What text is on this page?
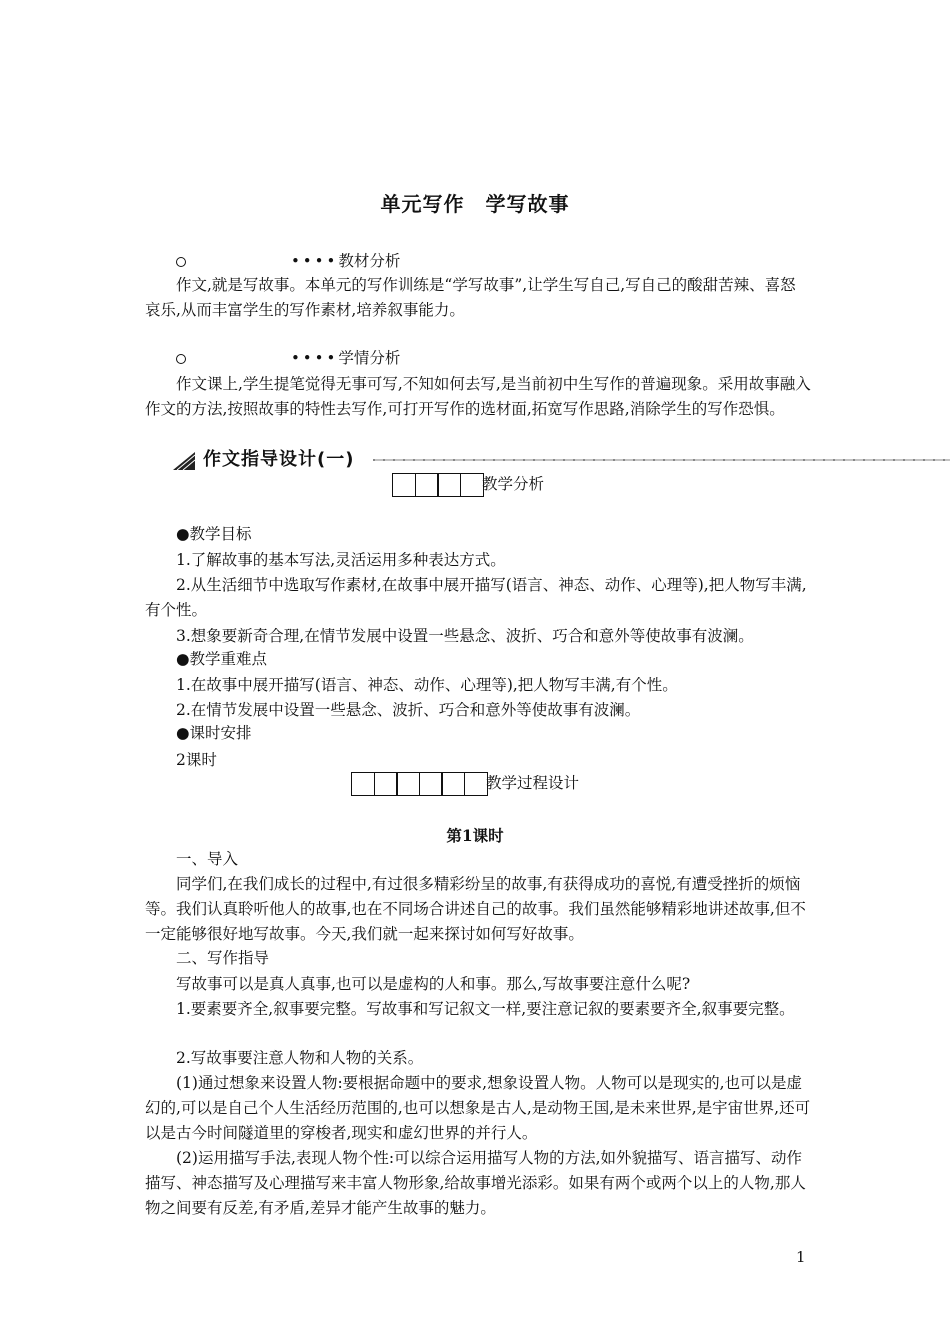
单元写作　学写故事
••••教材分析
作文,就是写故事。本单元的写作训练是“学写故事”,让学生写自己,写自己的酸甜苦辣、喜怒哀乐,从而丰富学生的写作素材,培养叙事能力。
••••学情分析
作文课上,学生提笔觉得无事可写,不知如何去写,是当前初中生写作的普遍现象。采用故事融入作文的方法,按照故事的特性去写作,可打开写作的选材面,拓宽写作思路,消除学生的写作恐惧。
作文指导设计(一)
教学分析
●教学目标
1.了解故事的基本写法,灵活运用多种表达方式。
2.从生活细节中选取写作素材,在故事中展开描写(语言、神态、动作、心理等),把人物写丰满,有个性。
3.想象要新奇合理,在情节发展中设置一些悬念、波折、巧合和意外等使故事有波澜。
●教学重难点
1.在故事中展开描写(语言、神态、动作、心理等),把人物写丰满,有个性。
2.在情节发展中设置一些悬念、波折、巧合和意外等使故事有波澜。
●课时安排
2课时
教学过程设计
第1课时
一、导入
同学们,在我们成长的过程中,有过很多精彩纷呈的故事,有获得成功的喜悦,有遭受挫折的烦恼等。我们认真聆听他人的故事,也在不同场合讲述自己的故事。我们虽然能够精彩地讲述故事,但不一定能够很好地写故事。今天,我们就一起来探讨如何写好故事。
二、写作指导
写故事可以是真人真事,也可以是虚构的人和事。那么,写故事要注意什么呢?
1.要素要齐全,叙事要完整。写故事和写记叙文一样,要注意记叙的要素要齐全,叙事要完整。
2.写故事要注意人物和人物的关系。
(1)通过想象来设置人物:要根据命题中的要求,想象设置人物。人物可以是现实的,也可以是虚幻的,可以是自己个人生活经历范围的,也可以想象是古人,是动物王国,是未来世界,是宇宙世界,还可以是古今时间隧道里的穿梭者,现实和虚幻世界的并行人。
(2)运用描写手法,表现人物个性:可以综合运用描写人物的方法,如外貌描写、语言描写、动作描写、神态描写及心理描写来丰富人物形象,给故事增光添彩。如果有两个或两个以上的人物,那人物之间要有反差,有矛盾,差异才能产生故事的魅力。
1
